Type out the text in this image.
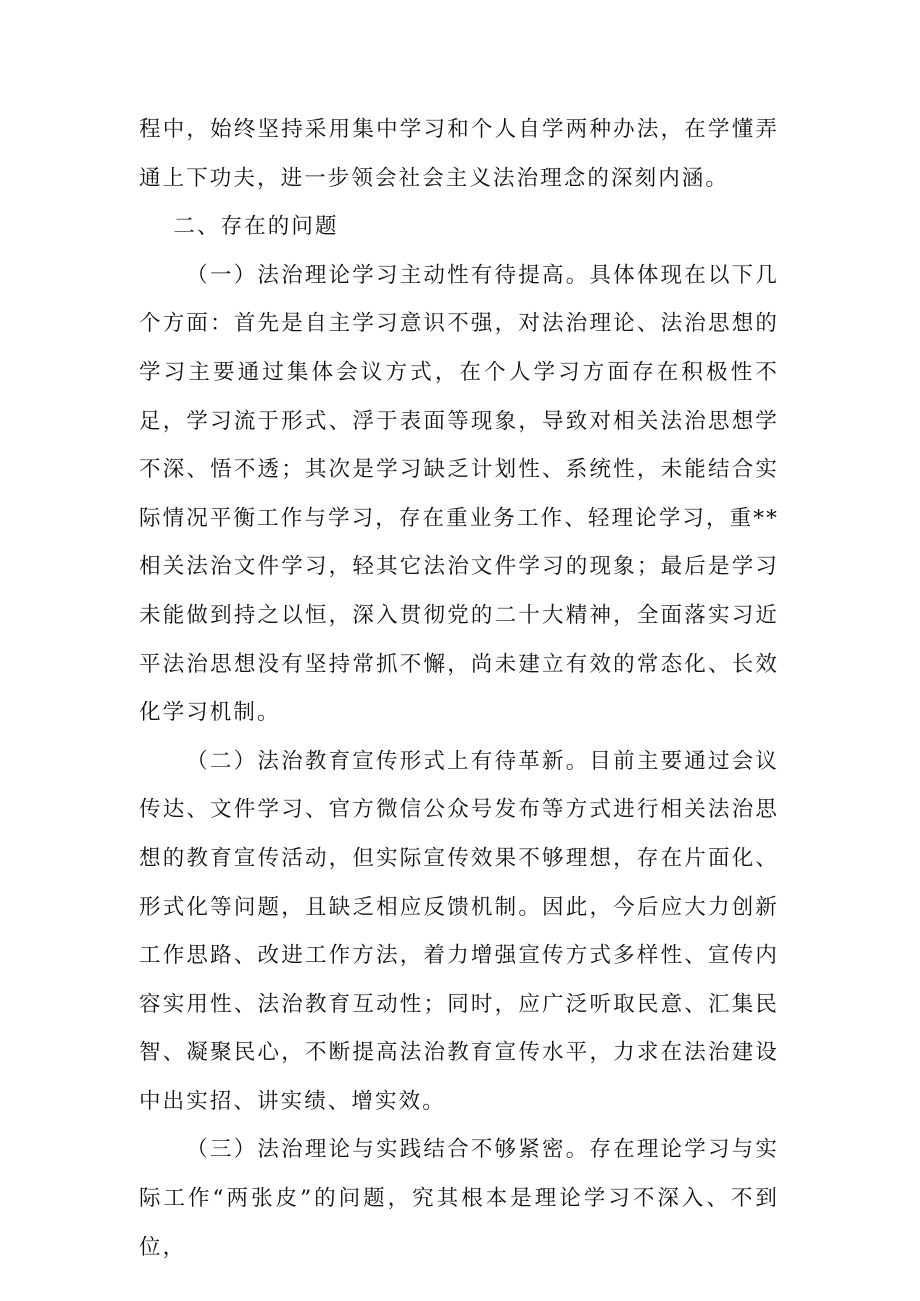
程中，始终坚持采用集中学习和个人自学两种办法，在学懂弄通上下功夫，进一步领会社会主义法治理念的深刻内涵。

二、存在的问题

（一）法治理论学习主动性有待提高。具体体现在以下几个方面：首先是自主学习意识不强，对法治理论、法治思想的学习主要通过集体会议方式，在个人学习方面存在积极性不足，学习流于形式、浮于表面等现象，导致对相关法治思想学不深、悟不透；其次是学习缺乏计划性、系统性，未能结合实际情况平衡工作与学习，存在重业务工作、轻理论学习，重**相关法治文件学习，轻其它法治文件学习的现象；最后是学习未能做到持之以恒，深入贯彻党的二十大精神，全面落实习近平法治思想没有坚持常抓不懈，尚未建立有效的常态化、长效化学习机制。

（二）法治教育宣传形式上有待革新。目前主要通过会议传达、文件学习、官方微信公众号发布等方式进行相关法治思想的教育宣传活动，但实际宣传效果不够理想，存在片面化、形式化等问题，且缺乏相应反馈机制。因此，今后应大力创新工作思路、改进工作方法，着力增强宣传方式多样性、宣传内容实用性、法治教育互动性；同时，应广泛听取民意、汇集民智、凝聚民心，不断提高法治教育宣传水平，力求在法治建设中出实招、讲实绩、增实效。

（三）法治理论与实践结合不够紧密。存在理论学习与实际工作“两张皮”的问题，究其根本是理论学习不深入、不到位，
